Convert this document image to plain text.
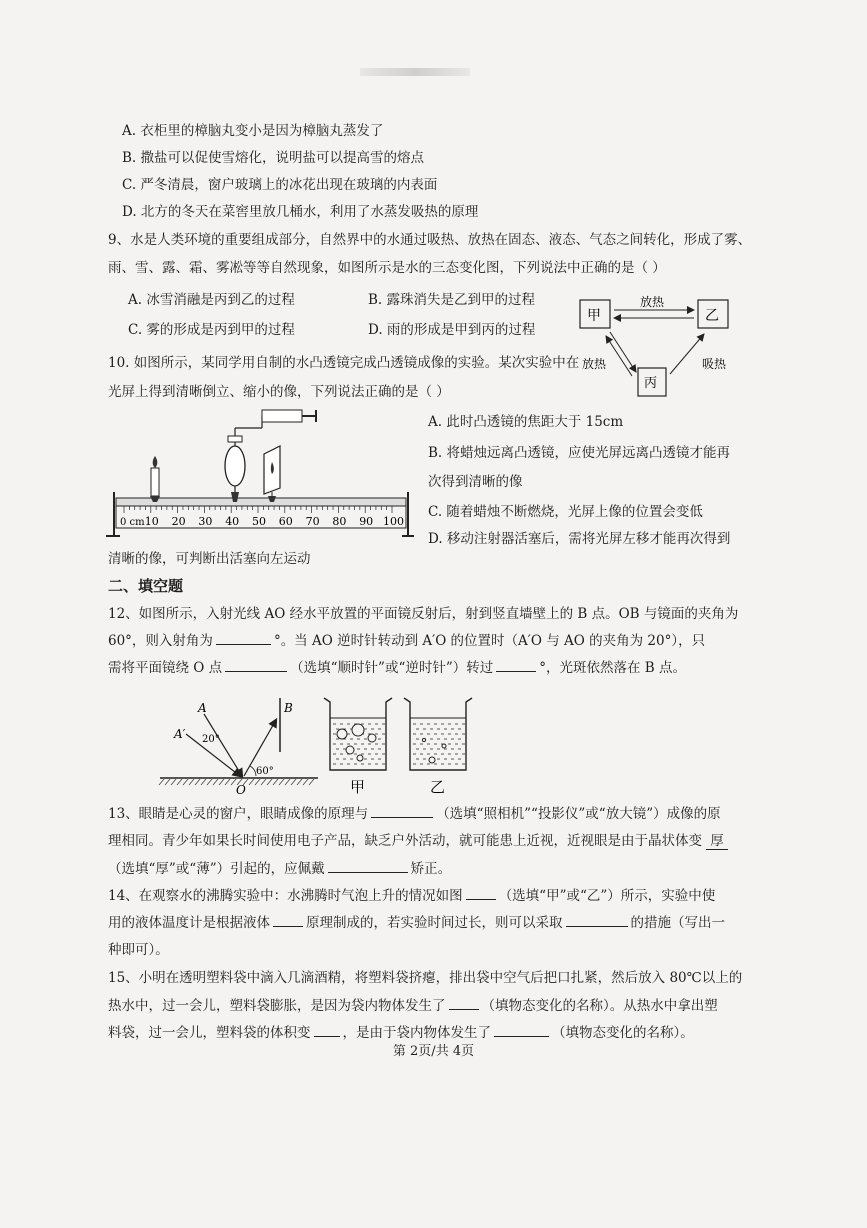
A. 衣柜里的樟脑丸变小是因为樟脑丸蒸发了
B. 撒盐可以促使雪熔化，说明盐可以提高雪的熔点
C. 严冬清晨，窗户玻璃上的冰花出现在玻璃的内表面
D. 北方的冬天在菜窖里放几桶水，利用了水蒸发吸热的原理
9、水是人类环境的重要组成部分，自然界中的水通过吸热、放热在固态、液态、气态之间转化，形成了雾、
雨、雪、露、霜、雾凇等等自然现象，如图所示是水的三态变化图，下列说法中正确的是（ ）
A. 冰雪消融是丙到乙的过程	B. 露珠消失是乙到甲的过程
C. 雾的形成是丙到甲的过程	D. 雨的形成是甲到丙的过程
甲	乙
丙
放热
放热	吸热
10. 如图所示，某同学用自制的水凸透镜完成凸透镜成像的实验。某次实验中在
光屏上得到清晰倒立、缩小的像，下列说法正确的是（ ）
A. 此时凸透镜的焦距大于 15cm
B. 将蜡烛远离凸透镜，应使光屏远离凸透镜才能再
次得到清晰的像
C. 随着蜡烛不断燃烧，光屏上像的位置会变低
D. 移动注射器活塞后，需将光屏左移才能再次得到
清晰的像，可判断出活塞向左运动
0 cm 10 20 30 40 50 60 70 80 90 100
二、填空题
12、如图所示，入射光线 AO 经水平放置的平面镜反射后，射到竖直墙壁上的 B 点。OB 与镜面的夹角为
60°，则入射角为	°。当 AO 逆时针转动到 A′O 的位置时（A′O 与 AO 的夹角为 20°），只
需将平面镜绕 O 点	（选填“顺时针”或“逆时针”）转过	°，光斑依然落在 B 点。
A
A′ 20°
B
60°
O	甲	乙
13、眼睛是心灵的窗户，眼睛成像的原理与	（选填“照相机”“投影仪”或“放大镜”）成像的原
理相同。青少年如果长时间使用电子产品，缺乏户外活动，就可能患上近视，近视眼是由于晶状体变 厚
（选填“厚”或“薄”）引起的，应佩戴	矫正。
14、在观察水的沸腾实验中：水沸腾时气泡上升的情况如图	（选填“甲”或“乙”）所示，实验中使
用的液体温度计是根据液体	原理制成的，若实验时间过长，则可以采取	的措施（写出一
种即可）。
15、小明在透明塑料袋中滴入几滴酒精，将塑料袋挤瘪，排出袋中空气后把口扎紧，然后放入 80℃以上的
热水中，过一会儿，塑料袋膨胀，是因为袋内物体发生了	（填物态变化的名称）。从热水中拿出塑
料袋，过一会儿，塑料袋的体积变 ，是由于袋内物体发生了	（填物态变化的名称）。
第 2页/共 4页
